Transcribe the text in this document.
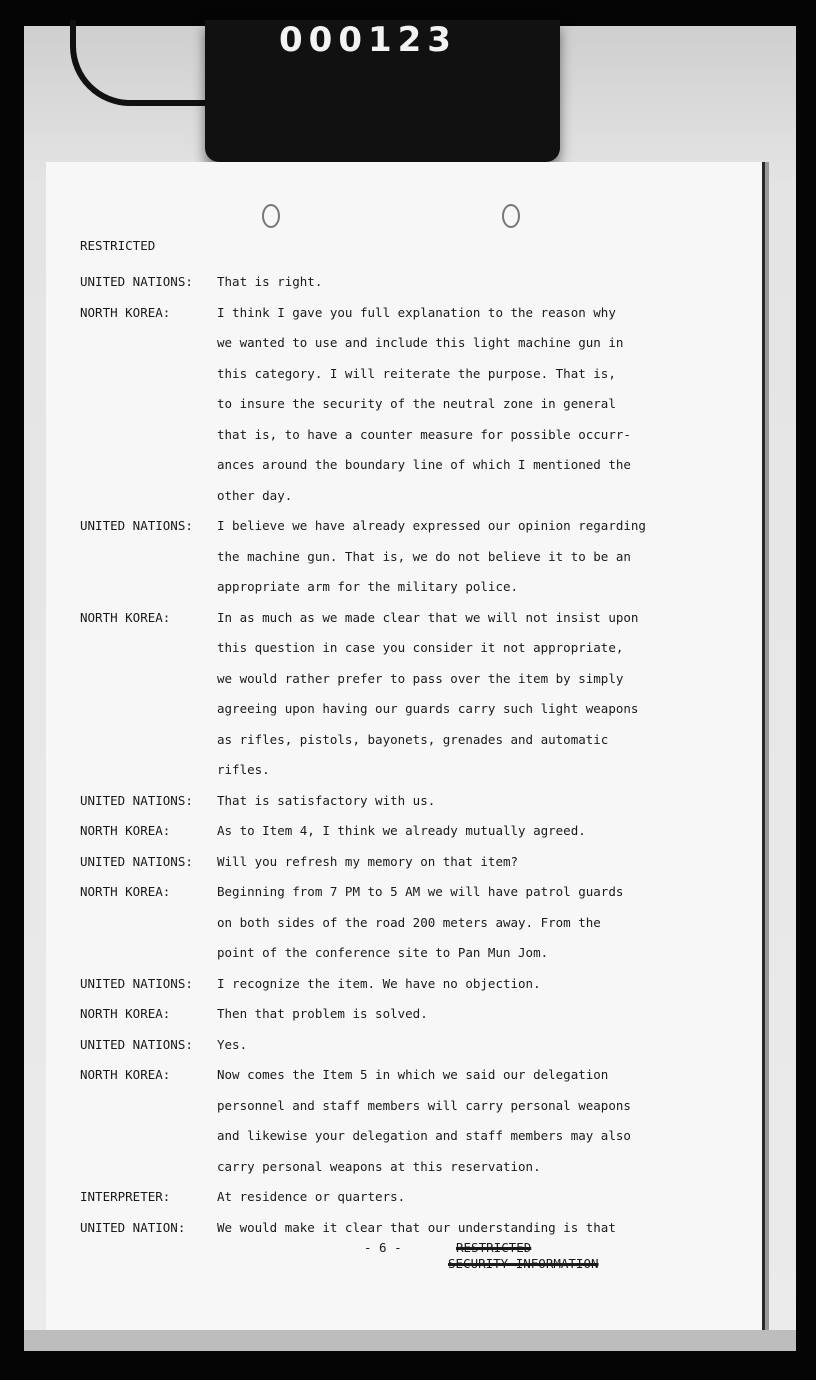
000123
RESTRICTED
UNITED NATIONS:	That is right.
NORTH KOREA:	I think I gave you full explanation to the reason why
we wanted to use and include this light machine gun in
this category. I will reiterate the purpose. That is,
to insure the security of the neutral zone in general
that is, to have a counter measure for possible occurr-
ances around the boundary line of which I mentioned the
other day.
UNITED NATIONS:	I believe we have already expressed our opinion regarding
the machine gun. That is, we do not believe it to be an
appropriate arm for the military police.
NORTH KOREA:	In as much as we made clear that we will not insist upon
this question in case you consider it not appropriate,
we would rather prefer to pass over the item by simply
agreeing upon having our guards carry such light weapons
as rifles, pistols, bayonets, grenades and automatic
rifles.
UNITED NATIONS:	That is satisfactory with us.
NORTH KOREA:	As to Item 4, I think we already mutually agreed.
UNITED NATIONS:	Will you refresh my memory on that item?
NORTH KOREA:	Beginning from 7 PM to 5 AM we will have patrol guards
on both sides of the road 200 meters away. From the
point of the conference site to Pan Mun Jom.
UNITED NATIONS:	I recognize the item. We have no objection.
NORTH KOREA:	Then that problem is solved.
UNITED NATIONS:	Yes.
NORTH KOREA:	Now comes the Item 5 in which we said our delegation
personnel and staff members will carry personal weapons
and likewise your delegation and staff members may also
carry personal weapons at this reservation.
INTERPRETER:	At residence or quarters.
UNITED NATION:	We would make it clear that our understanding is that
- 6 -	RESTRICTED
SECURITY INFORMATION
